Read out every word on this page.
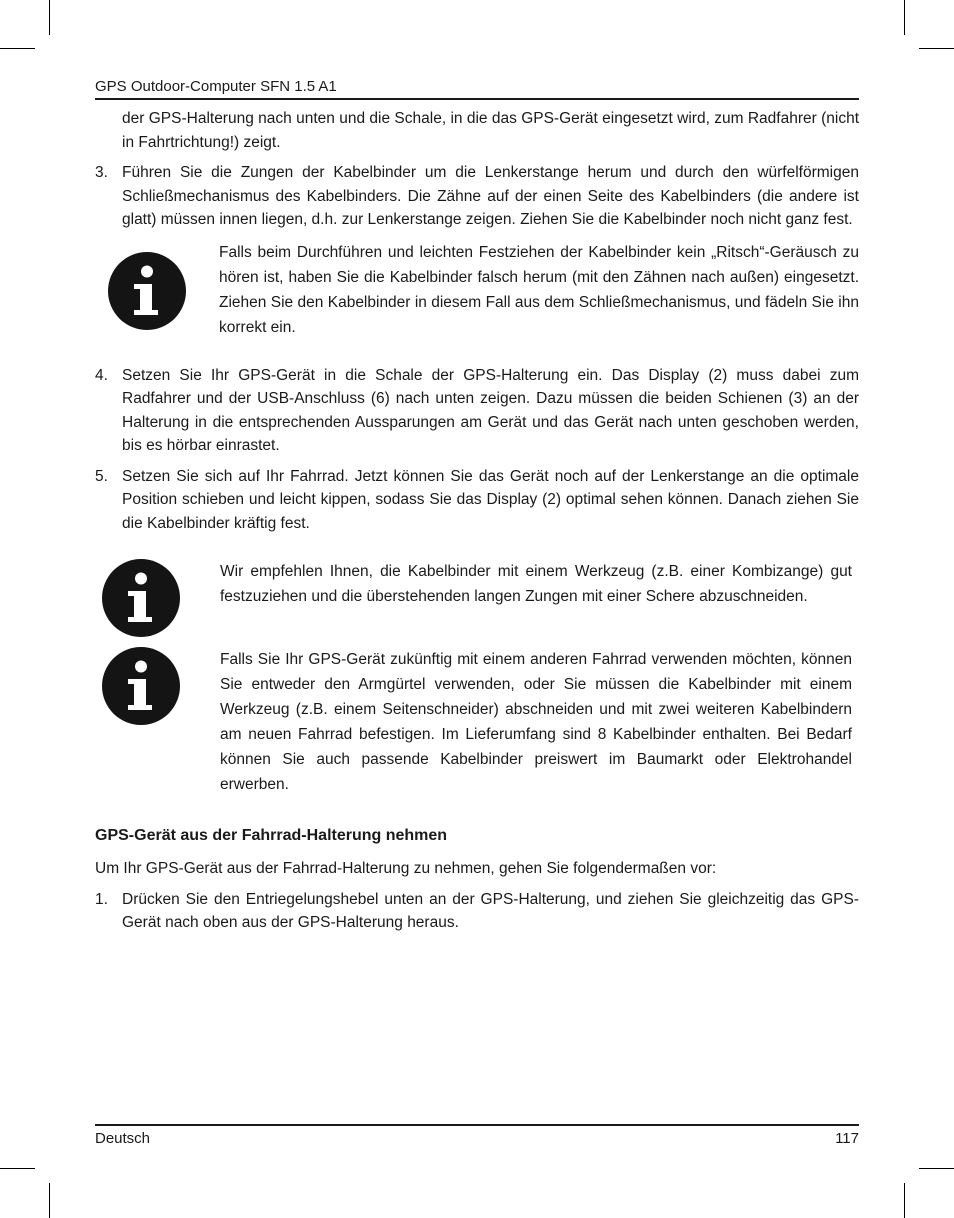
GPS Outdoor-Computer SFN 1.5 A1

der GPS-Halterung nach unten und die Schale, in die das GPS-Gerät eingesetzt wird, zum Radfahrer (nicht in Fahrtrichtung!) zeigt.

3. Führen Sie die Zungen der Kabelbinder um die Lenkerstange herum und durch den würfelförmigen Schließmechanismus des Kabelbinders. Die Zähne auf der einen Seite des Kabelbinders (die andere ist glatt) müssen innen liegen, d.h. zur Lenkerstange zeigen. Ziehen Sie die Kabelbinder noch nicht ganz fest.
Falls beim Durchführen und leichten Festziehen der Kabelbinder kein „Ritsch“-Geräusch zu hören ist, haben Sie die Kabelbinder falsch herum (mit den Zähnen nach außen) eingesetzt. Ziehen Sie den Kabelbinder in diesem Fall aus dem Schließmechanismus, und fädeln Sie ihn korrekt ein.
4. Setzen Sie Ihr GPS-Gerät in die Schale der GPS-Halterung ein. Das Display (2) muss dabei zum Radfahrer und der USB-Anschluss (6) nach unten zeigen. Dazu müssen die beiden Schienen (3) an der Halterung in die entsprechenden Aussparungen am Gerät und das Gerät nach unten geschoben werden, bis es hörbar einrastet.
5. Setzen Sie sich auf Ihr Fahrrad. Jetzt können Sie das Gerät noch auf der Lenkerstange an die optimale Position schieben und leicht kippen, sodass Sie das Display (2) optimal sehen können. Danach ziehen Sie die Kabelbinder kräftig fest.
Wir empfehlen Ihnen, die Kabelbinder mit einem Werkzeug (z.B. einer Kombizange) gut festzuziehen und die überstehenden langen Zungen mit einer Schere abzuschneiden.
Falls Sie Ihr GPS-Gerät zukünftig mit einem anderen Fahrrad verwenden möchten, können Sie entweder den Armgürtel verwenden, oder Sie müssen die Kabelbinder mit einem Werkzeug (z.B. einem Seitenschneider) abschneiden und mit zwei weiteren Kabelbindern am neuen Fahrrad befestigen. Im Lieferumfang sind 8 Kabelbinder enthalten. Bei Bedarf können Sie auch passende Kabelbinder preiswert im Baumarkt oder Elektrohandel erwerben.
GPS-Gerät aus der Fahrrad-Halterung nehmen

Um Ihr GPS-Gerät aus der Fahrrad-Halterung zu nehmen, gehen Sie folgendermaßen vor:

1. Drücken Sie den Entriegelungshebel unten an der GPS-Halterung, und ziehen Sie gleichzeitig das GPS-Gerät nach oben aus der GPS-Halterung heraus.
Deutsch	117
